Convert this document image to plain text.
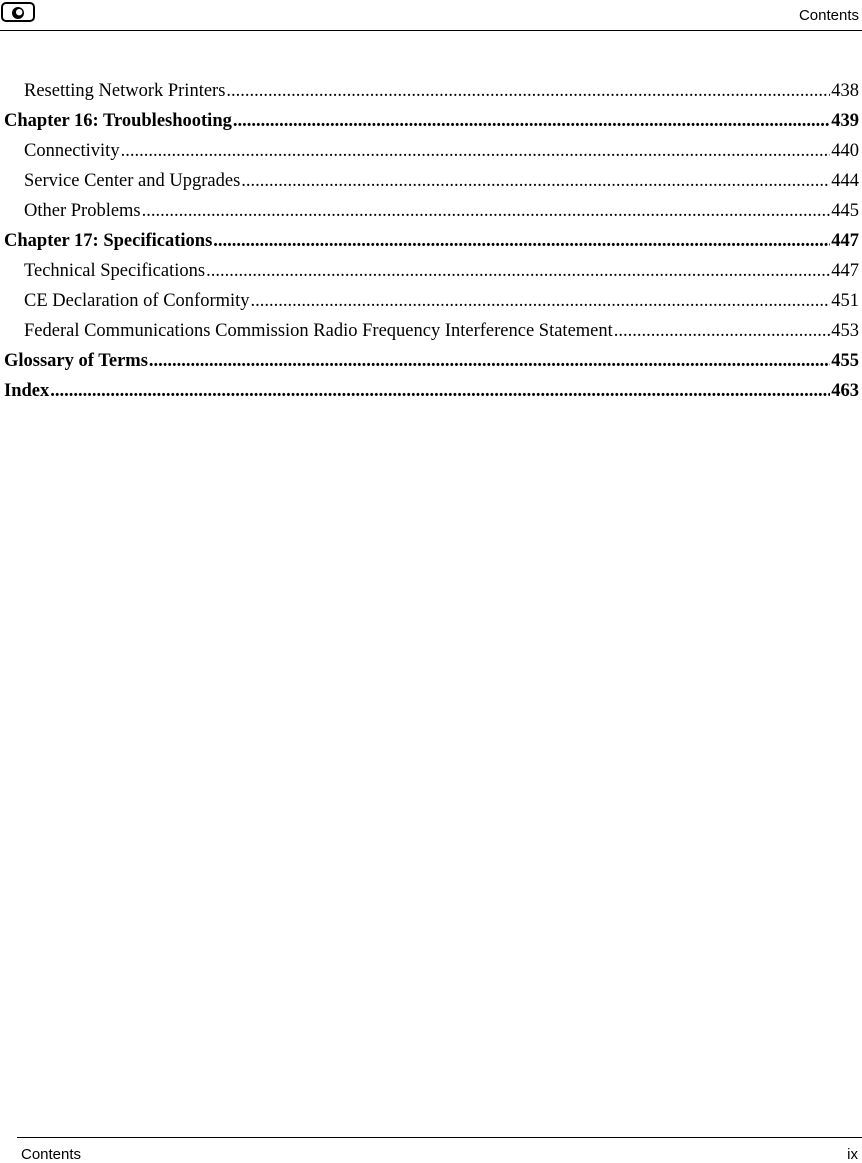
Contents
Resetting Network Printers .....	438
Chapter 16: Troubleshooting .....	439
Connectivity .....	440
Service Center and Upgrades .....	444
Other Problems .....	445
Chapter 17: Specifications .....	447
Technical Specifications .....	447
CE Declaration of Conformity .....	451
Federal Communications Commission Radio Frequency Interference Statement .....	453
Glossary of Terms .....	455
Index .....	463
Contents	ix
